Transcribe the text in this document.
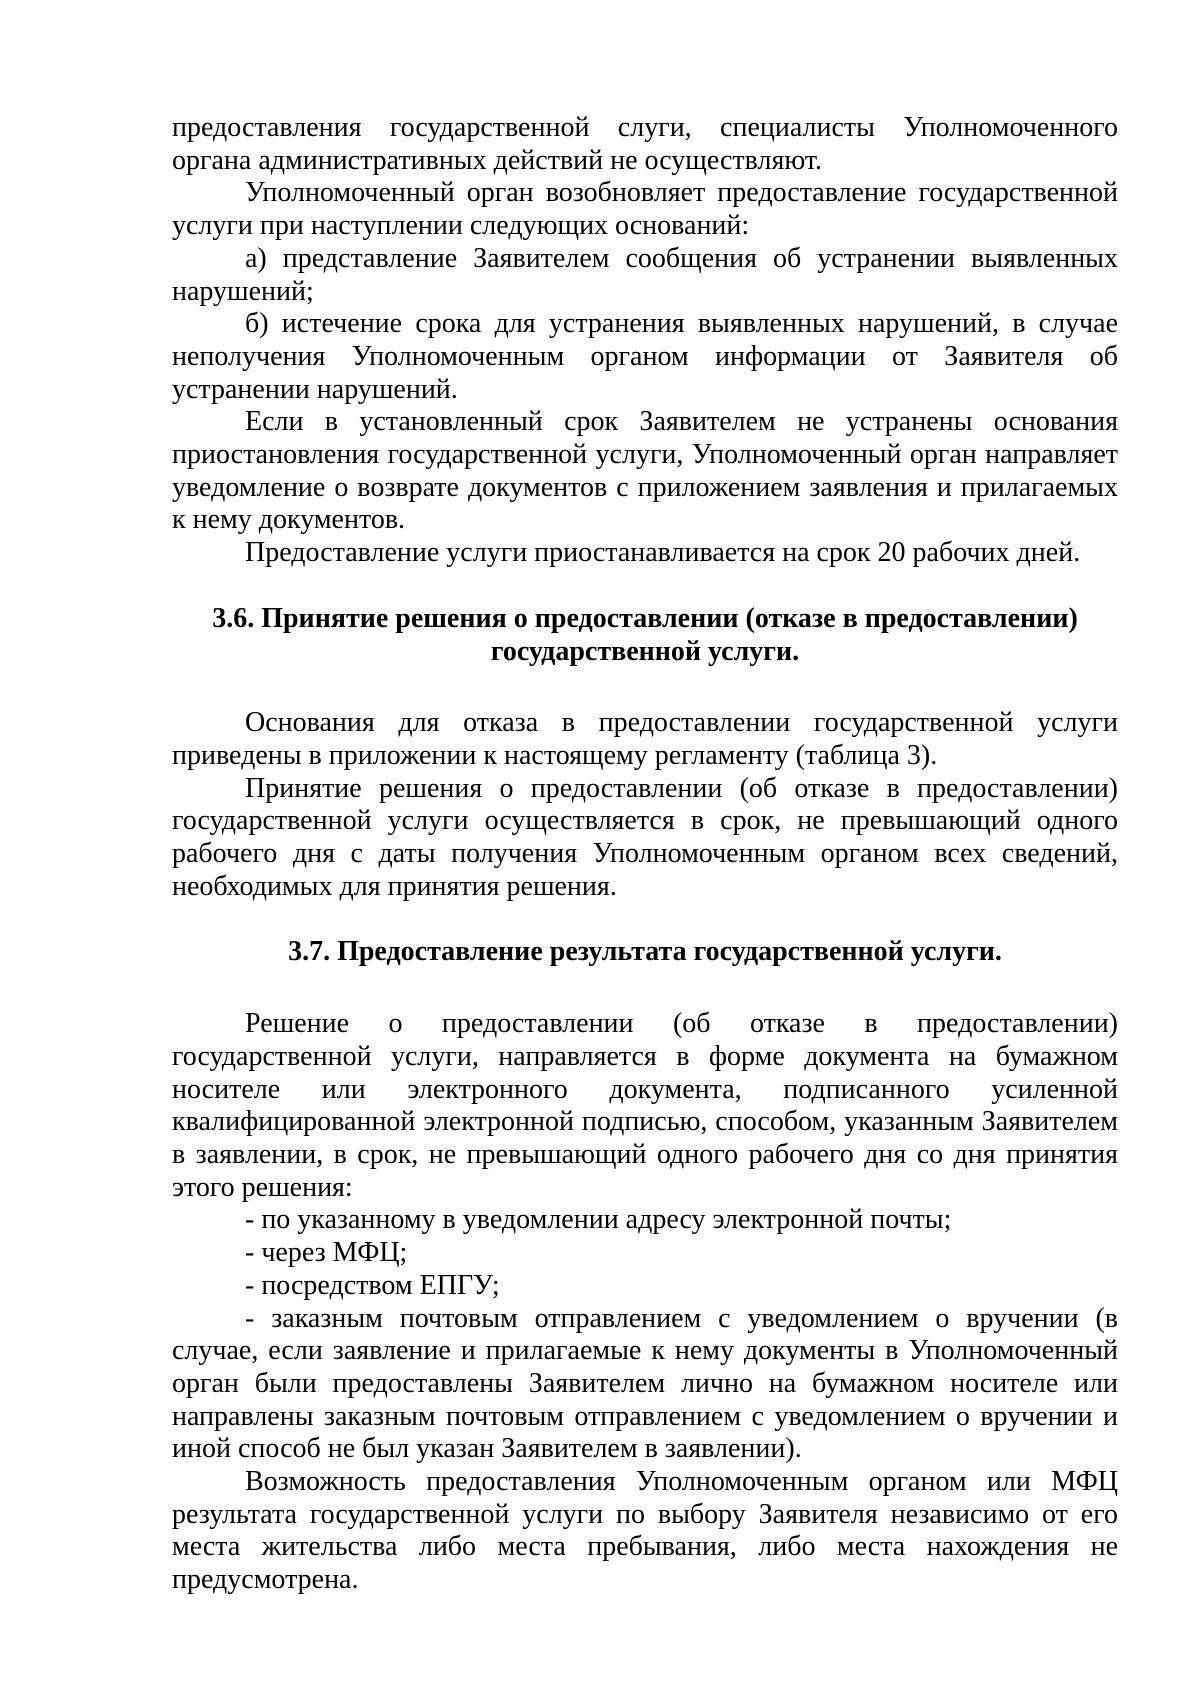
предоставления государственной слуги, специалисты Уполномоченного органа административных действий не осуществляют.

Уполномоченный орган возобновляет предоставление государственной услуги при наступлении следующих оснований:

а) представление Заявителем сообщения об устранении выявленных нарушений;

б) истечение срока для устранения выявленных нарушений, в случае неполучения Уполномоченным органом информации от Заявителя об устранении нарушений.

Если в установленный срок Заявителем не устранены основания приостановления государственной услуги, Уполномоченный орган направляет уведомление о возврате документов с приложением заявления и прилагаемых к нему документов.

Предоставление услуги приостанавливается на срок 20 рабочих дней.

3.6. Принятие решения о предоставлении (отказе в предоставлении) государственной услуги.

Основания для отказа в предоставлении государственной услуги приведены в приложении к настоящему регламенту (таблица 3).

Принятие решения о предоставлении (об отказе в предоставлении) государственной услуги осуществляется в срок, не превышающий одного рабочего дня с даты получения Уполномоченным органом всех сведений, необходимых для принятия решения.

3.7. Предоставление результата государственной услуги.

Решение о предоставлении (об отказе в предоставлении) государственной услуги, направляется в форме документа на бумажном носителе или электронного документа, подписанного усиленной квалифицированной электронной подписью, способом, указанным Заявителем в заявлении, в срок, не превышающий одного рабочего дня со дня принятия этого решения:

- по указанному в уведомлении адресу электронной почты;

- через МФЦ;

- посредством ЕПГУ;

- заказным почтовым отправлением с уведомлением о вручении (в случае, если заявление и прилагаемые к нему документы в Уполномоченный орган были предоставлены Заявителем лично на бумажном носителе или направлены заказным почтовым отправлением с уведомлением о вручении и иной способ не был указан Заявителем в заявлении).

Возможность предоставления Уполномоченным органом или МФЦ результата государственной услуги по выбору Заявителя независимо от его места жительства либо места пребывания, либо места нахождения не предусмотрена.
